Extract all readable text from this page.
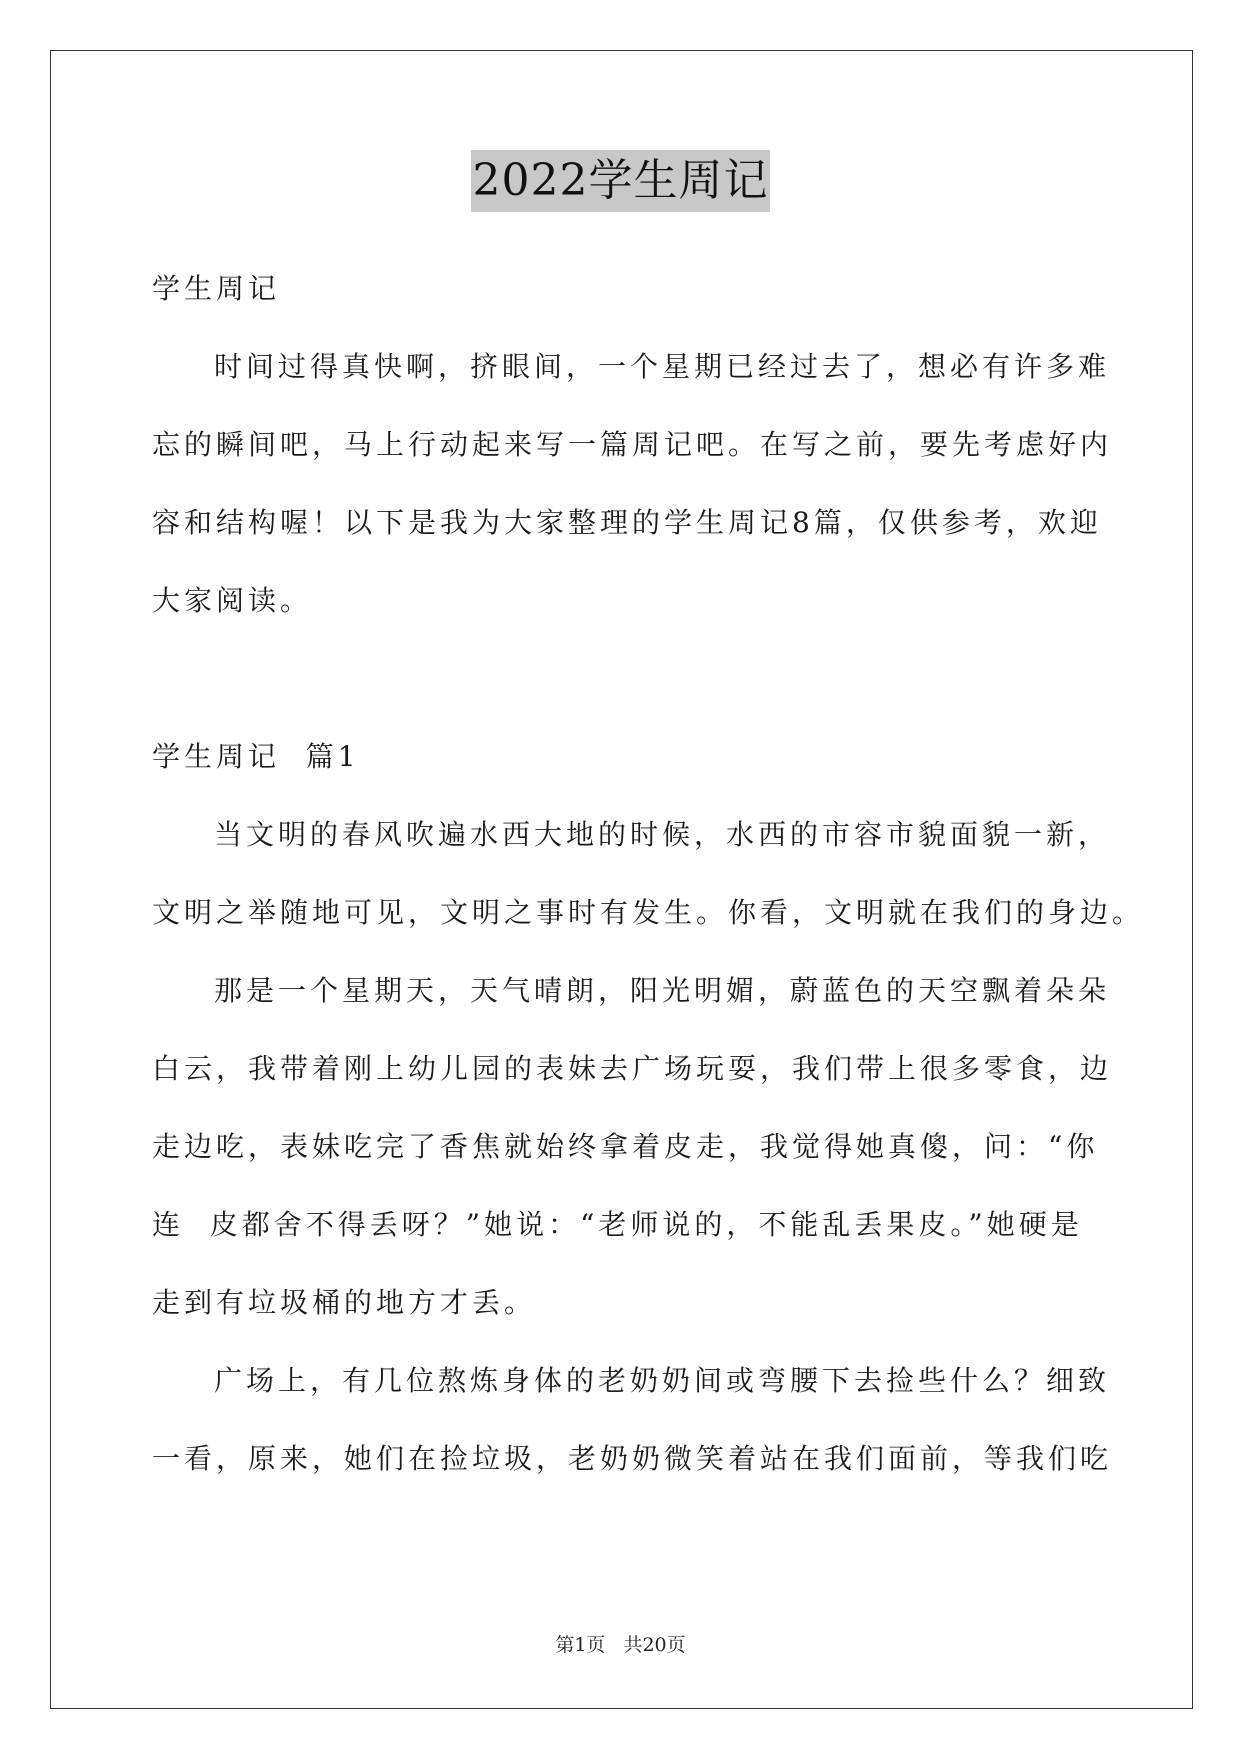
2022学生周记

学生周记

时间过得真快啊，挤眼间，一个星期已经过去了，想必有许多难

忘的瞬间吧，马上行动起来写一篇周记吧。在写之前，要先考虑好内

容和结构喔！以下是我为大家整理的学生周记8篇，仅供参考，欢迎

大家阅读。

学生周记  篇1

当文明的春风吹遍水西大地的时候，水西的市容市貌面貌一新，

文明之举随地可见，文明之事时有发生。你看，文明就在我们的身边。

那是一个星期天，天气晴朗，阳光明媚，蔚蓝色的天空飘着朵朵

白云，我带着刚上幼儿园的表妹去广场玩耍，我们带上很多零食，边

走边吃，表妹吃完了香焦就始终拿着皮走，我觉得她真傻，问：“你

连  皮都舍不得丢呀？”她说：“老师说的，不能乱丢果皮。”她硬是

走到有垃圾桶的地方才丢。

广场上，有几位熬炼身体的老奶奶间或弯腰下去捡些什么？细致

一看，原来，她们在捡垃圾，老奶奶微笑着站在我们面前，等我们吃

第1页 共20页
